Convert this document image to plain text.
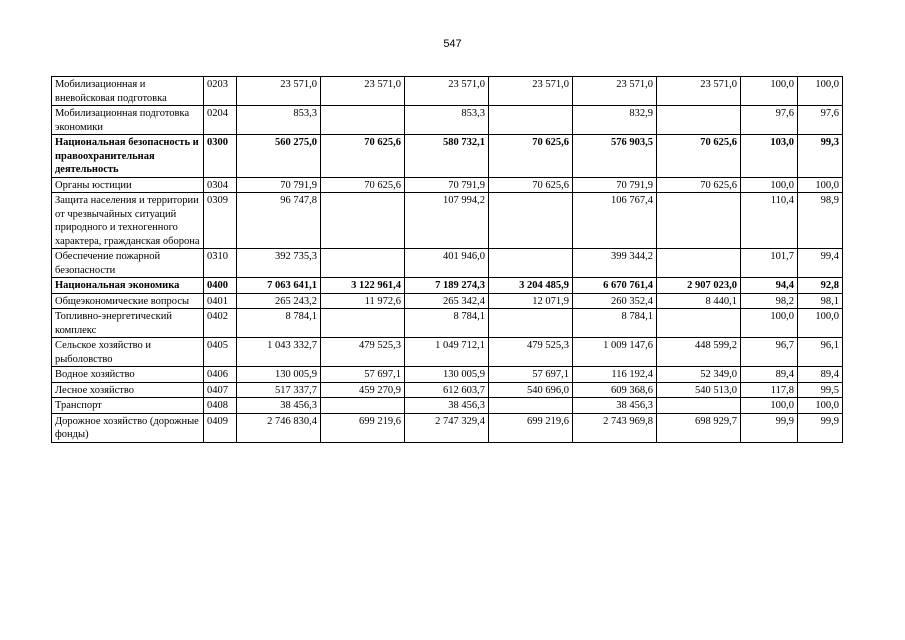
547
Мобилизационная и вневойсковая подготовка	0203	23 571,0	23 571,0	23 571,0	23 571,0	23 571,0	23 571,0	100,0	100,0
Мобилизационная подготовка экономики	0204	853,3		853,3		832,9		97,6	97,6
Национальная безопасность и правоохранительная деятельность	0300	560 275,0	70 625,6	580 732,1	70 625,6	576 903,5	70 625,6	103,0	99,3
Органы юстиции	0304	70 791,9	70 625,6	70 791,9	70 625,6	70 791,9	70 625,6	100,0	100,0
Защита населения и территории от чрезвычайных ситуаций природного и техногенного характера, гражданская оборона	0309	96 747,8		107 994,2		106 767,4		110,4	98,9
Обеспечение пожарной безопасности	0310	392 735,3		401 946,0		399 344,2		101,7	99,4
Национальная экономика	0400	7 063 641,1	3 122 961,4	7 189 274,3	3 204 485,9	6 670 761,4	2 907 023,0	94,4	92,8
Общеэкономические вопросы	0401	265 243,2	11 972,6	265 342,4	12 071,9	260 352,4	8 440,1	98,2	98,1
Топливно-энергетический комплекс	0402	8 784,1		8 784,1		8 784,1		100,0	100,0
Сельское хозяйство и рыболовство	0405	1 043 332,7	479 525,3	1 049 712,1	479 525,3	1 009 147,6	448 599,2	96,7	96,1
Водное хозяйство	0406	130 005,9	57 697,1	130 005,9	57 697,1	116 192,4	52 349,0	89,4	89,4
Лесное хозяйство	0407	517 337,7	459 270,9	612 603,7	540 696,0	609 368,6	540 513,0	117,8	99,5
Транспорт	0408	38 456,3		38 456,3		38 456,3		100,0	100,0
Дорожное хозяйство (дорожные фонды)	0409	2 746 830,4	699 219,6	2 747 329,4	699 219,6	2 743 969,8	698 929,7	99,9	99,9
